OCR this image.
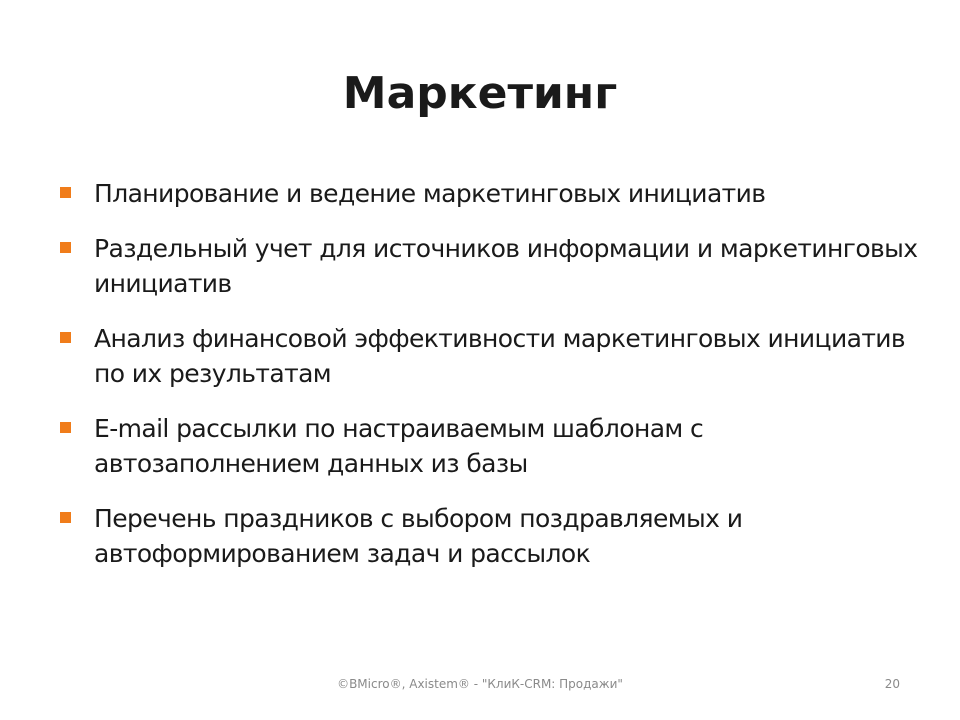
Маркетинг
Планирование и ведение маркетинговых инициатив
Раздельный учет для источников информации и маркетинговых инициатив
Анализ финансовой эффективности маркетинговых инициатив по их результатам
E-mail рассылки по настраиваемым шаблонам с автозаполнением данных из базы
Перечень праздников с выбором поздравляемых и автоформированием задач и рассылок
©BMicro®, Axistem® - "КлиК-CRM: Продажи"	20
